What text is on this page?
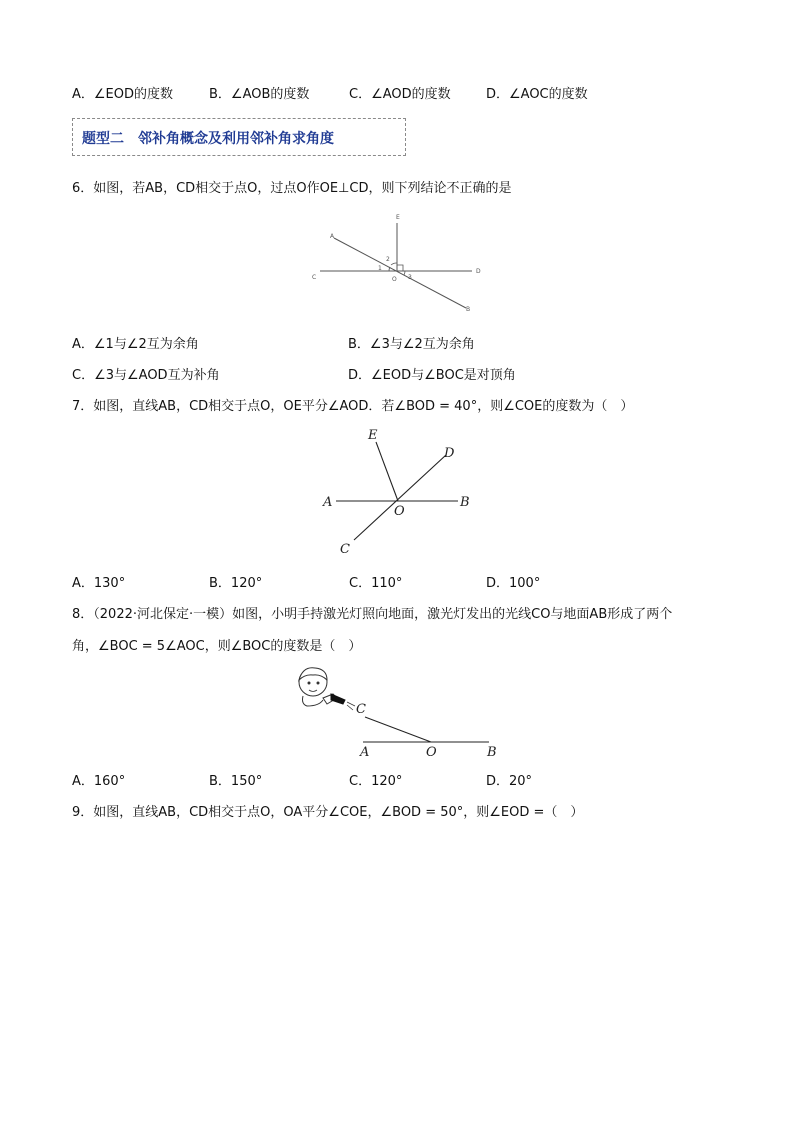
A．∠EOD的度数	B．∠AOB的度数	C．∠AOD的度数	D．∠AOC的度数
题型二　邻补角概念及利用邻补角求角度
6．如图，若AB，CD相交于点O，过点O作OE⊥CD，则下列结论不正确的是
A
B
C
D
E
O
1
2
3
A．∠1与∠2互为余角	B．∠3与∠2互为余角
C．∠3与∠AOD互为补角	D．∠EOD与∠BOC是对顶角
7．如图，直线AB，CD相交于点O，OE平分∠AOD．若∠BOD = 40°，则∠COE的度数为（　）
A	B
C
D
E
O
A．130°	B．120°	C．110°	D．100°
8．（2022·河北保定·一模）如图，小明手持激光灯照向地面，激光灯发出的光线CO与地面AB形成了两个
角，∠BOC = 5∠AOC，则∠BOC的度数是（　）
C
A	O	B
A．160°	B．150°	C．120°	D．20°
9．如图，直线AB，CD相交于点O，OA平分∠COE，∠BOD = 50°，则∠EOD =（　）
